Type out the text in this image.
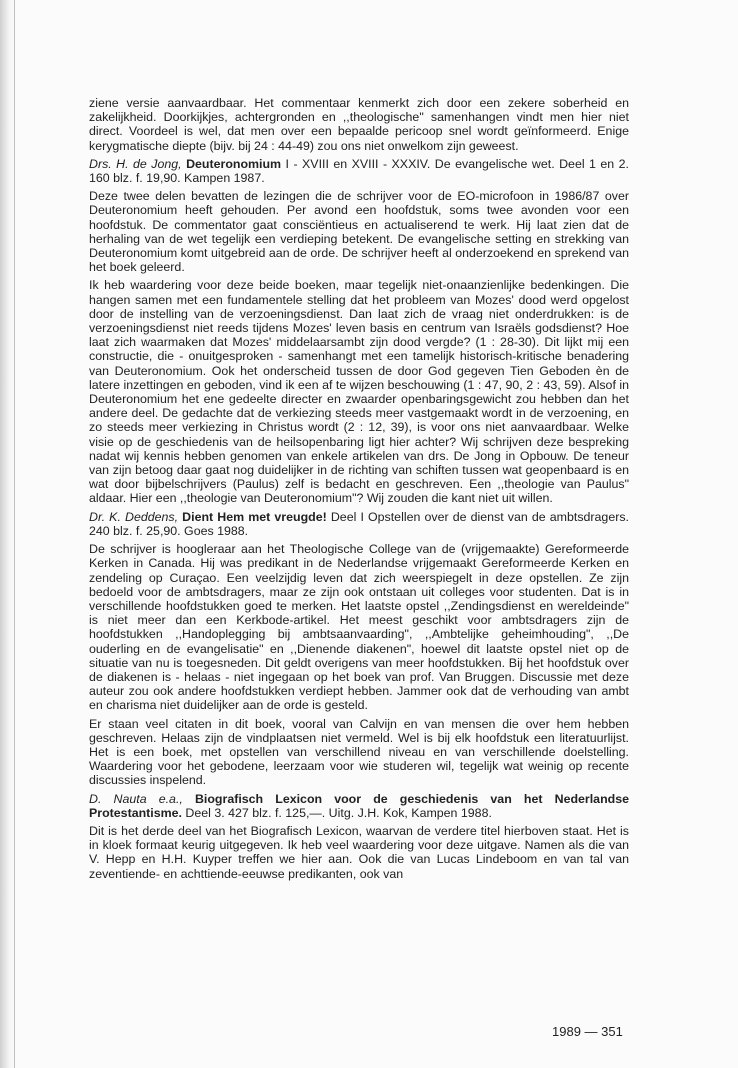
ziene versie aanvaardbaar. Het commentaar kenmerkt zich door een zekere soberheid en zakelijkheid. Doorkijkjes, achtergronden en ,,theologische" samenhangen vindt men hier niet direct. Voordeel is wel, dat men over een bepaalde pericoop snel wordt geïnformeerd. Enige kerygmatische diepte (bijv. bij 24 : 44-49) zou ons niet onwelkom zijn geweest.

Drs. H. de Jong, Deuteronomium I - XVIII en XVIII - XXXIV. De evangelische wet. Deel 1 en 2. 160 blz. f. 19,90. Kampen 1987.

Deze twee delen bevatten de lezingen die de schrijver voor de EO-microfoon in 1986/87 over Deuteronomium heeft gehouden. Per avond een hoofdstuk, soms twee avonden voor een hoofdstuk. De commentator gaat consciëntieus en actualiserend te werk. Hij laat zien dat de herhaling van de wet tegelijk een verdieping betekent. De evangelische setting en strekking van Deuteronomium komt uitgebreid aan de orde. De schrijver heeft al onderzoekend en sprekend van het boek geleerd.

Ik heb waardering voor deze beide boeken, maar tegelijk niet-onaanzienlijke bedenkingen. Die hangen samen met een fundamentele stelling dat het probleem van Mozes' dood werd opgelost door de instelling van de verzoeningsdienst. Dan laat zich de vraag niet onderdrukken: is de verzoeningsdienst niet reeds tijdens Mozes' leven basis en centrum van Israëls godsdienst? Hoe laat zich waarmaken dat Mozes' middelaarsambt zijn dood vergde? (1 : 28-30). Dit lijkt mij een constructie, die - onuitgesproken - samenhangt met een tamelijk historisch-kritische benadering van Deuteronomium. Ook het onderscheid tussen de door God gegeven Tien Geboden èn de latere inzettingen en geboden, vind ik een af te wijzen beschouwing (1 : 47, 90, 2 : 43, 59). Alsof in Deuteronomium het ene gedeelte directer en zwaarder openbaringsgewicht zou hebben dan het andere deel. De gedachte dat de verkiezing steeds meer vastgemaakt wordt in de verzoening, en zo steeds meer verkiezing in Christus wordt (2 : 12, 39), is voor ons niet aanvaardbaar. Welke visie op de geschiedenis van de heilsopenbaring ligt hier achter? Wij schrijven deze bespreking nadat wij kennis hebben genomen van enkele artikelen van drs. De Jong in Opbouw. De teneur van zijn betoog daar gaat nog duidelijker in de richting van schiften tussen wat geopenbaard is en wat door bijbelschrijvers (Paulus) zelf is bedacht en geschreven. Een ,,theologie van Paulus" aldaar. Hier een ,,theologie van Deuteronomium"? Wij zouden die kant niet uit willen.

Dr. K. Deddens, Dient Hem met vreugde! Deel I Opstellen over de dienst van de ambtsdragers. 240 blz. f. 25,90. Goes 1988.

De schrijver is hoogleraar aan het Theologische College van de (vrijgemaakte) Gereformeerde Kerken in Canada. Hij was predikant in de Nederlandse vrijgemaakt Gereformeerde Kerken en zendeling op Curaçao. Een veelzijdig leven dat zich weerspiegelt in deze opstellen. Ze zijn bedoeld voor de ambtsdragers, maar ze zijn ook ontstaan uit colleges voor studenten. Dat is in verschillende hoofdstukken goed te merken. Het laatste opstel ,,Zendingsdienst en wereldeinde" is niet meer dan een Kerkbode-artikel. Het meest geschikt voor ambtsdragers zijn de hoofdstukken ,,Handoplegging bij ambtsaanvaarding", ,,Ambtelijke geheimhouding", ,,De ouderling en de evangelisatie" en ,,Dienende diakenen", hoewel dit laatste opstel niet op de situatie van nu is toegesneden. Dit geldt overigens van meer hoofdstukken. Bij het hoofdstuk over de diakenen is - helaas - niet ingegaan op het boek van prof. Van Bruggen. Discussie met deze auteur zou ook andere hoofdstukken verdiept hebben. Jammer ook dat de verhouding van ambt en charisma niet duidelijker aan de orde is gesteld.

Er staan veel citaten in dit boek, vooral van Calvijn en van mensen die over hem hebben geschreven. Helaas zijn de vindplaatsen niet vermeld. Wel is bij elk hoofdstuk een literatuurlijst. Het is een boek, met opstellen van verschillend niveau en van verschillende doelstelling. Waardering voor het gebodene, leerzaam voor wie studeren wil, tegelijk wat weinig op recente discussies inspelend.

D. Nauta e.a., Biografisch Lexicon voor de geschiedenis van het Nederlandse Protestantisme. Deel 3. 427 blz. f. 125,—. Uitg. J.H. Kok, Kampen 1988.

Dit is het derde deel van het Biografisch Lexicon, waarvan de verdere titel hierboven staat. Het is in kloek formaat keurig uitgegeven. Ik heb veel waardering voor deze uitgave. Namen als die van V. Hepp en H.H. Kuyper treffen we hier aan. Ook die van Lucas Lindeboom en van tal van zeventiende- en achttiende-eeuwse predikanten, ook van

1989 — 351
